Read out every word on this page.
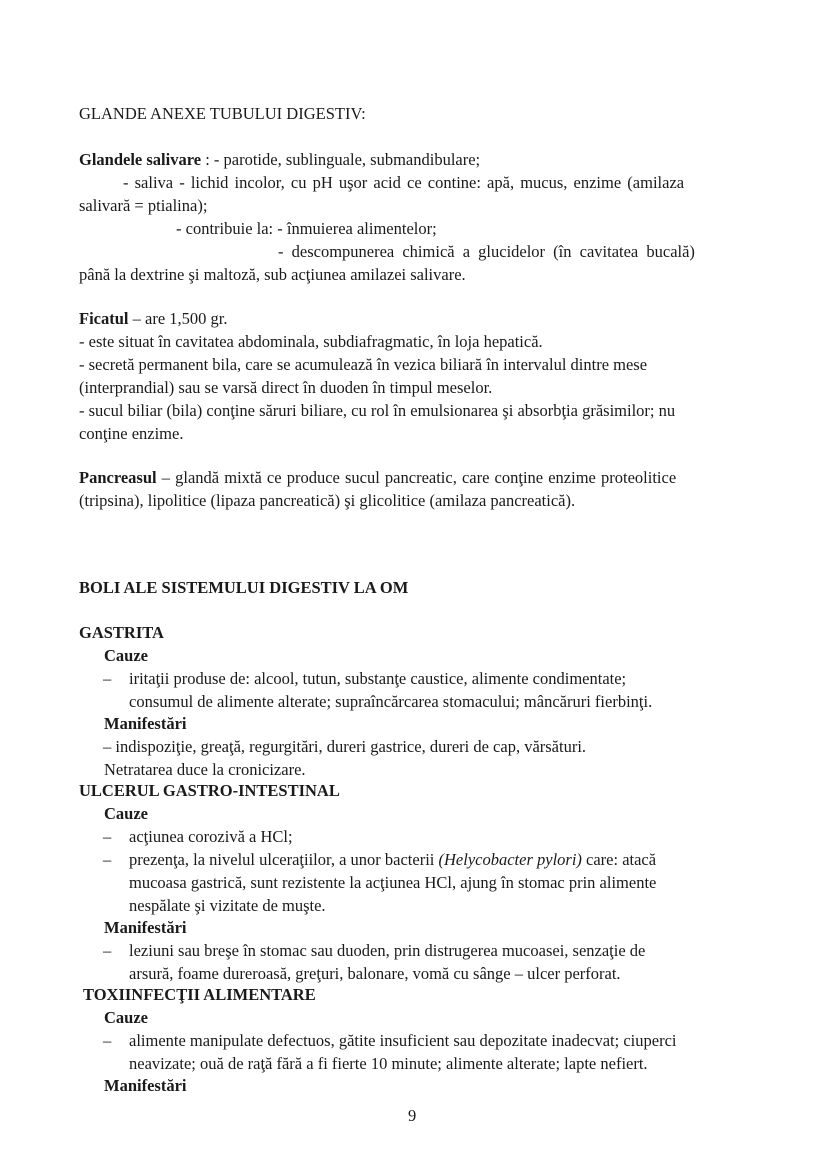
GLANDE ANEXE TUBULUI DIGESTIV:
Glandele salivare : - parotide, sublinguale, submandibulare;
- saliva - lichid incolor, cu pH uşor acid ce contine: apă, mucus, enzime (amilaza
salivară = ptialina);
- contribuie la: - înmuierea alimentelor;
- descompunerea chimică a glucidelor (în cavitatea bucală)
până la dextrine şi maltoză, sub acţiunea amilazei salivare.
Ficatul – are 1,500 gr.
- este situat în cavitatea abdominala, subdiafragmatic, în loja hepatică.
- secretă permanent bila, care se acumulează în vezica biliară în intervalul dintre mese
(interprandial) sau se varsă direct în duoden în timpul meselor.
- sucul biliar (bila) conţine săruri biliare, cu rol în emulsionarea şi absorbţia grăsimilor; nu
conţine enzime.
Pancreasul – glandă mixtă ce produce sucul pancreatic, care conţine enzime proteolitice
(tripsina), lipolitice (lipaza pancreatică) şi glicolitice (amilaza pancreatică).
BOLI ALE SISTEMULUI DIGESTIV LA OM
GASTRITA
Cauze
– iritaţii produse de: alcool, tutun, substanţe caustice, alimente condimentate;
consumul de alimente alterate; supraîncărcarea stomacului; mâncăruri fierbinţi.
Manifestări
– indispoziţie, greaţă, regurgitări, dureri gastrice, dureri de cap, vărsături.
Netratarea duce la cronicizare.
ULCERUL GASTRO-INTESTINAL
Cauze
– acţiunea corozivă a HCl;
– prezenţa, la nivelul ulceraţiilor, a unor bacterii (Helycobacter pylori) care: atacă
mucoasa gastrică, sunt rezistente la acţiunea HCl, ajung în stomac prin alimente
nespălate şi vizitate de muşte.
Manifestări
– leziuni sau breşe în stomac sau duoden, prin distrugerea mucoasei, senzaţie de
arsură, foame dureroasă, greţuri, balonare, vomă cu sânge – ulcer perforat.
TOXIINFECŢII ALIMENTARE
Cauze
– alimente manipulate defectuos, gătite insuficient sau depozitate inadecvat; ciuperci
neavizate; ouă de raţă fără a fi fierte 10 minute; alimente alterate; lapte nefiert.
Manifestări
9
